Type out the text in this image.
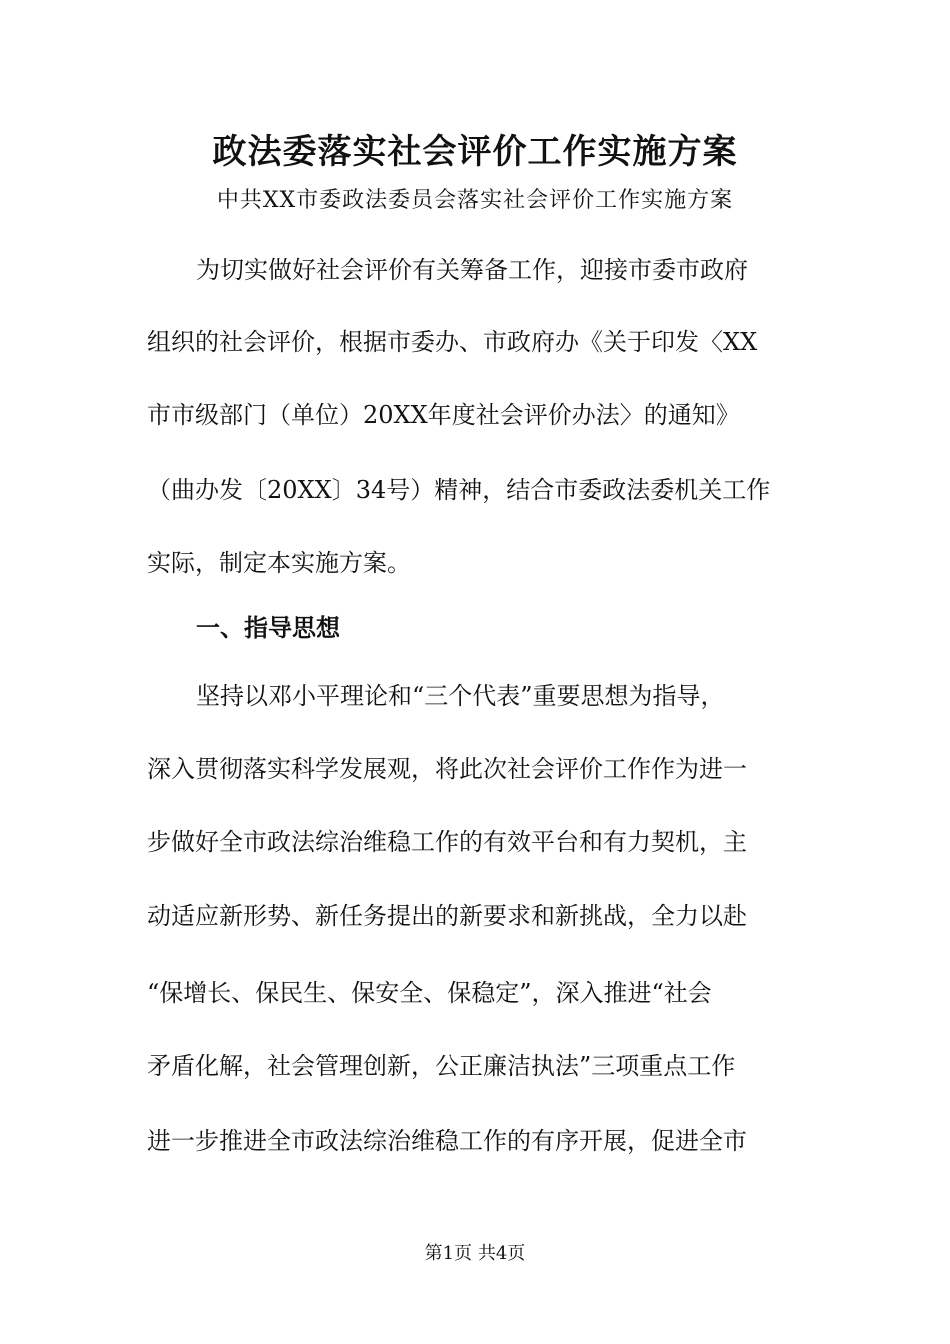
政法委落实社会评价工作实施方案
中共XX市委政法委员会落实社会评价工作实施方案
为切实做好社会评价有关筹备工作，迎接市委市政府
组织的社会评价，根据市委办、市政府办《关于印发〈XX
市市级部门（单位）20XX年度社会评价办法〉的通知》
（曲办发〔20XX〕34号）精神，结合市委政法委机关工作
实际，制定本实施方案。
一、指导思想
坚持以邓小平理论和“三个代表”重要思想为指导，
深入贯彻落实科学发展观，将此次社会评价工作作为进一
步做好全市政法综治维稳工作的有效平台和有力契机，主
动适应新形势、新任务提出的新要求和新挑战，全力以赴
“保增长、保民生、保安全、保稳定”，深入推进“社会
矛盾化解，社会管理创新，公正廉洁执法”三项重点工作
进一步推进全市政法综治维稳工作的有序开展，促进全市
第1页 共4页
